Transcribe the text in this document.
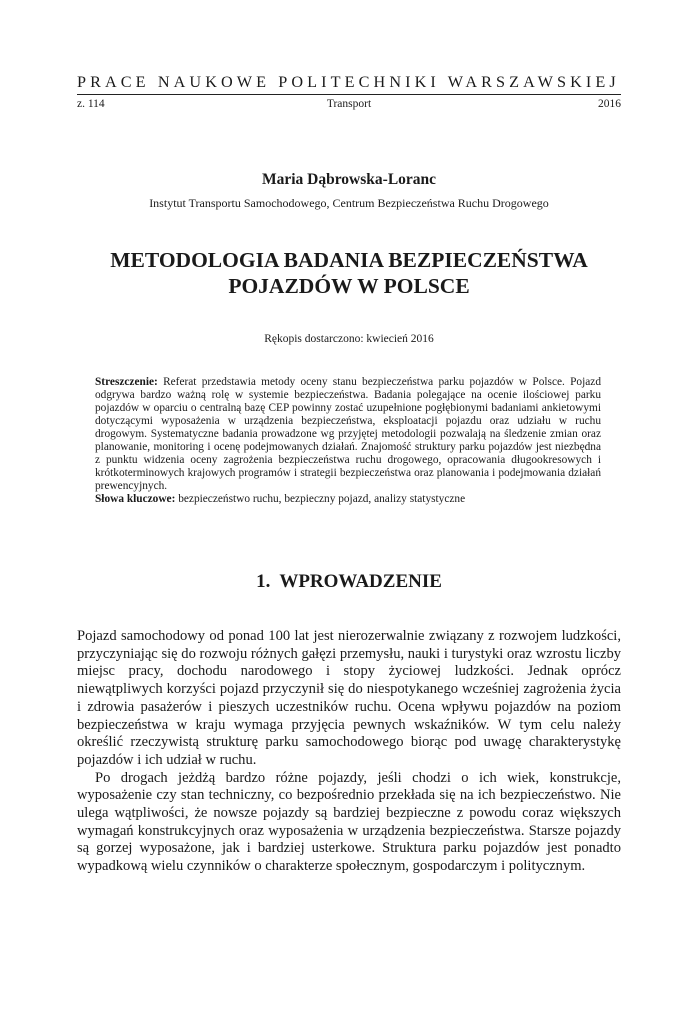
PRACE NAUKOWE POLITECHNIKI WARSZAWSKIEJ
z. 114	Transport	2016
Maria Dąbrowska-Loranc
Instytut Transportu Samochodowego, Centrum Bezpieczeństwa Ruchu Drogowego
METODOLOGIA BADANIA BEZPIECZEŃSTWA
POJAZDÓW W POLSCE
Rękopis dostarczono: kwiecień 2016

Streszczenie: Referat przedstawia metody oceny stanu bezpieczeństwa parku pojazdów w Polsce. Pojazd odgrywa bardzo ważną rolę w systemie bezpieczeństwa. Badania polegające na ocenie ilościowej parku pojazdów w oparciu o centralną bazę CEP powinny zostać uzupełnione pogłębionymi badaniami ankietowymi dotyczącymi wyposażenia w urządzenia bezpieczeństwa, eksploatacji pojazdu oraz udziału w ruchu drogowym. Systematyczne badania prowadzone wg przyjętej metodologii pozwalają na śledzenie zmian oraz planowanie, monitoring i ocenę podejmowanych działań. Znajomość struktury parku pojazdów jest niezbędna z punktu widzenia oceny zagrożenia bezpieczeństwa ruchu drogowego, opracowania długookresowych i krótkoterminowych krajowych programów i strategii bezpieczeństwa oraz planowania i podejmowania działań prewencyjnych.

Słowa kluczowe: bezpieczeństwo ruchu, bezpieczny pojazd, analizy statystyczne

1. WPROWADZENIE

Pojazd samochodowy od ponad 100 lat jest nierozerwalnie związany z rozwojem ludzkości, przyczyniając się do rozwoju różnych gałęzi przemysłu, nauki i turystyki oraz wzrostu liczby miejsc pracy, dochodu narodowego i stopy życiowej ludzkości. Jednak oprócz niewątpliwych korzyści pojazd przyczynił się do niespotykanego wcześniej zagrożenia życia i zdrowia pasażerów i pieszych uczestników ruchu. Ocena wpływu pojazdów na poziom bezpieczeństwa w kraju wymaga przyjęcia pewnych wskaźników. W tym celu należy określić rzeczywistą strukturę parku samochodowego biorąc pod uwagę charakterystykę pojazdów i ich udział w ruchu.

Po drogach jeżdżą bardzo różne pojazdy, jeśli chodzi o ich wiek, konstrukcje, wyposażenie czy stan techniczny, co bezpośrednio przekłada się na ich bezpieczeństwo. Nie ulega wątpliwości, że nowsze pojazdy są bardziej bezpieczne z powodu coraz większych wymagań konstrukcyjnych oraz wyposażenia w urządzenia bezpieczeństwa. Starsze pojazdy są gorzej wyposażone, jak i bardziej usterkowe. Struktura parku pojazdów jest ponadto wypadkową wielu czynników o charakterze społecznym, gospodarczym i politycznym.
